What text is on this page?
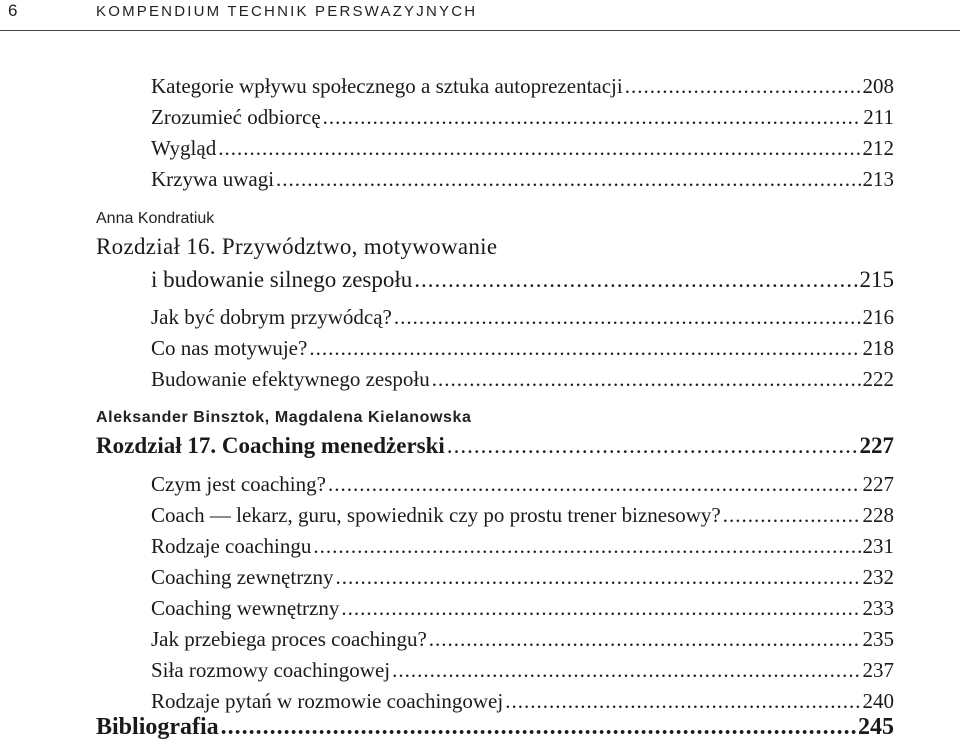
6	KOMPENDIUM TECHNIK PERSWAZYJNYCH
Kategorie wpływu społecznego a sztuka autoprezentacji .....	208
Zrozumieć odbiorcę .....	211
Wygląd .....	212
Krzywa uwagi .....	213
Anna Kondratiuk
Rozdział 16. Przywództwo, motywowanie
i budowanie silnego zespołu .....	215
Jak być dobrym przywódcą? .....	216
Co nas motywuje? .....	218
Budowanie efektywnego zespołu .....	222
Aleksander Binsztok, Magdalena Kielanowska
Rozdział 17. Coaching menedżerski .....	227
Czym jest coaching? .....	227
Coach — lekarz, guru, spowiednik czy po prostu trener biznesowy? .....	228
Rodzaje coachingu .....	231
Coaching zewnętrzny .....	232
Coaching wewnętrzny .....	233
Jak przebiega proces coachingu? .....	235
Siła rozmowy coachingowej .....	237
Rodzaje pytań w rozmowie coachingowej .....	240
Bibliografia .....	245
